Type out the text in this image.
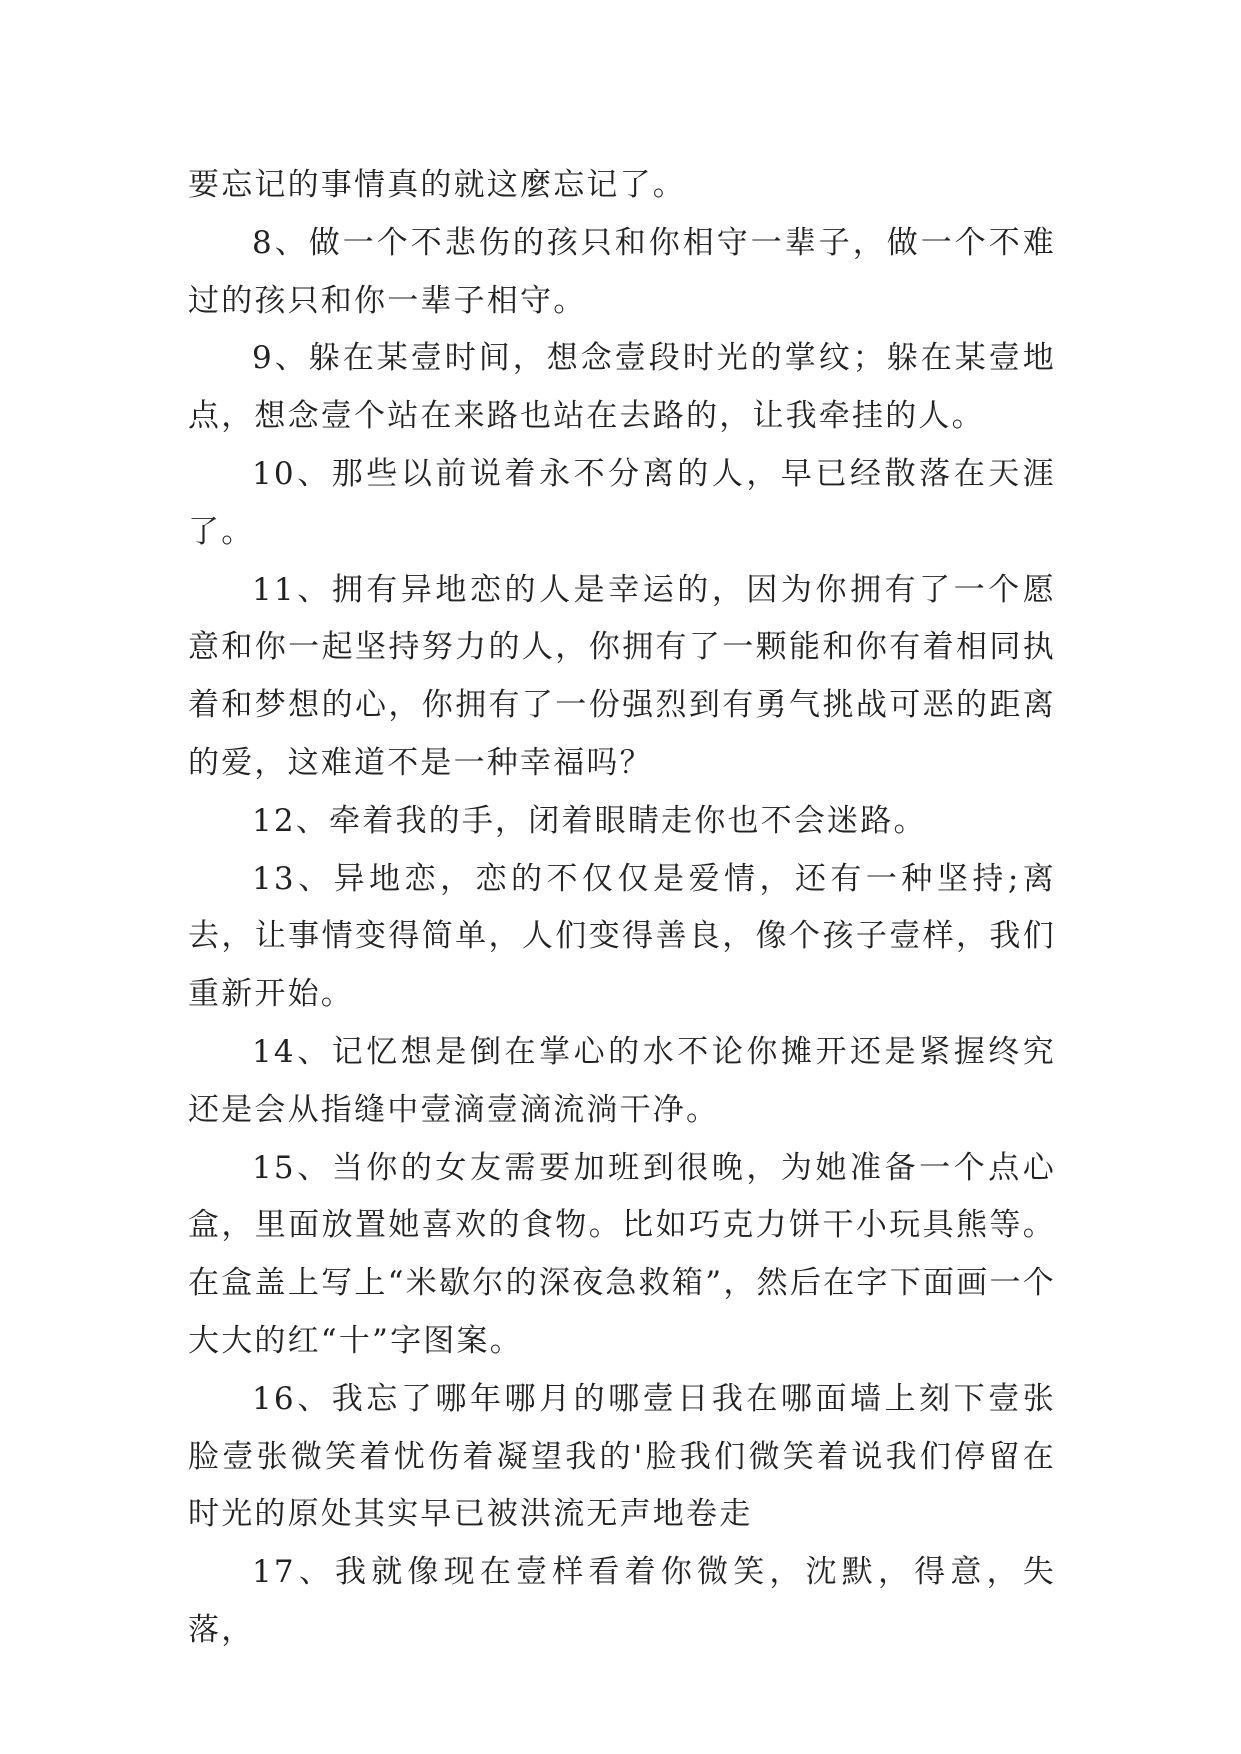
要忘记的事情真的就这麼忘记了。

8、做一个不悲伤的孩只和你相守一辈子，做一个不难过的孩只和你一辈子相守。

9、躲在某壹时间，想念壹段时光的掌纹；躲在某壹地点，想念壹个站在来路也站在去路的，让我牵挂的人。

10、那些以前说着永不分离的人，早已经散落在天涯了。

11、拥有异地恋的人是幸运的，因为你拥有了一个愿意和你一起坚持努力的人，你拥有了一颗能和你有着相同执着和梦想的心，你拥有了一份强烈到有勇气挑战可恶的距离的爱，这难道不是一种幸福吗？

12、牵着我的手，闭着眼睛走你也不会迷路。

13、异地恋，恋的不仅仅是爱情，还有一种坚持;离去，让事情变得简单，人们变得善良，像个孩子壹样，我们重新开始。

14、记忆想是倒在掌心的水不论你摊开还是紧握终究还是会从指缝中壹滴壹滴流淌干净。

15、当你的女友需要加班到很晚，为她准备一个点心盒，里面放置她喜欢的食物。比如巧克力饼干小玩具熊等。在盒盖上写上“米歇尔的深夜急救箱”，然后在字下面画一个大大的红“十”字图案。

16、我忘了哪年哪月的哪壹日我在哪面墙上刻下壹张脸壹张微笑着忧伤着凝望我的'脸我们微笑着说我们停留在时光的原处其实早已被洪流无声地卷走

17、我就像现在壹样看着你微笑，沈默，得意，失落，
